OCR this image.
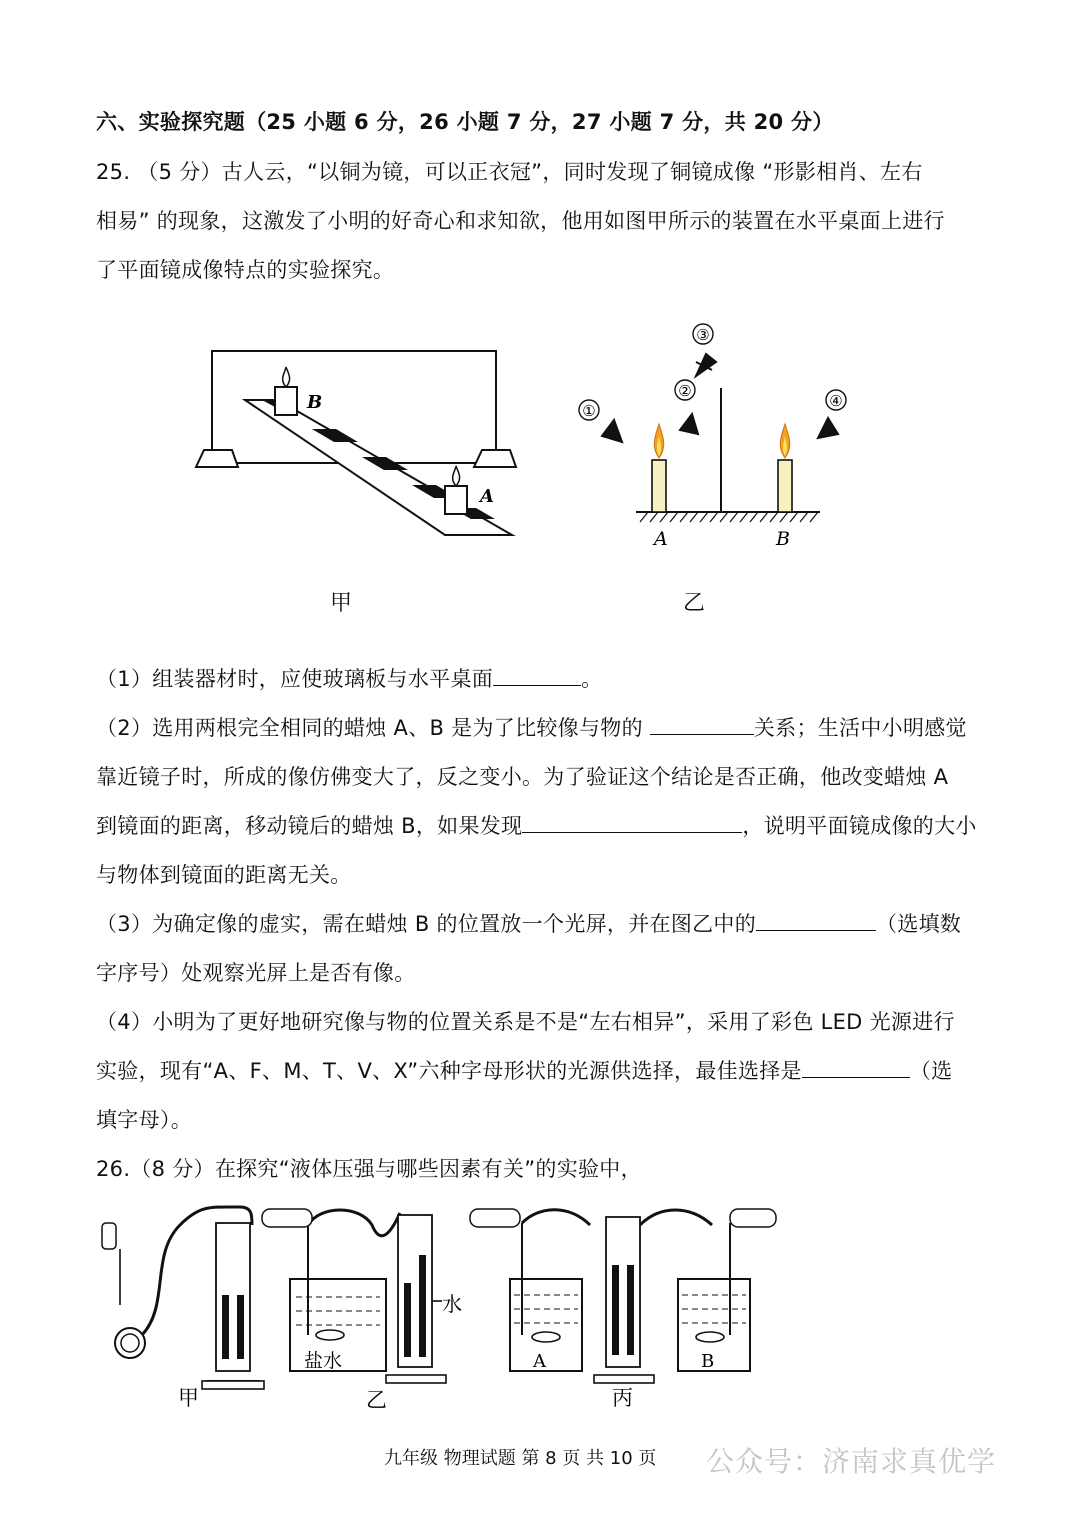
六、实验探究题（25 小题 6 分，26 小题 7 分，27 小题 7 分，共 20 分）
25. （5 分）古人云，“以铜为镜，可以正衣冠”，同时发现了铜镜成像 “形影相肖、左右
相易” 的现象，这激发了小明的好奇心和求知欲，他用如图甲所示的装置在水平桌面上进行
了平面镜成像特点的实验探究。
B
A
甲
①
②
③
④
A	B
乙
（1）组装器材时，应使玻璃板与水平桌面	。
（2）选用两根完全相同的蜡烛 A、B 是为了比较像与物的	关系；生活中小明感觉
靠近镜子时，所成的像仿佛变大了，反之变小。为了验证这个结论是否正确，他改变蜡烛 A
到镜面的距离，移动镜后的蜡烛 B，如果发现	，说明平面镜成像的大小
与物体到镜面的距离无关。
（3）为确定像的虚实，需在蜡烛 B 的位置放一个光屏，并在图乙中的	（选填数
字序号）处观察光屏上是否有像。
（4）小明为了更好地研究像与物的位置关系是不是“左右相异”，采用了彩色 LED 光源进行
实验，现有“A、F、M、T、V、X”六种字母形状的光源供选择，最佳选择是	（选
填字母）。
26.（8 分）在探究“液体压强与哪些因素有关”的实验中，
水
盐水	A	B
甲	乙	丙
九年级 物理试题 第 8 页 共 10 页 公众号：济南求真优学
